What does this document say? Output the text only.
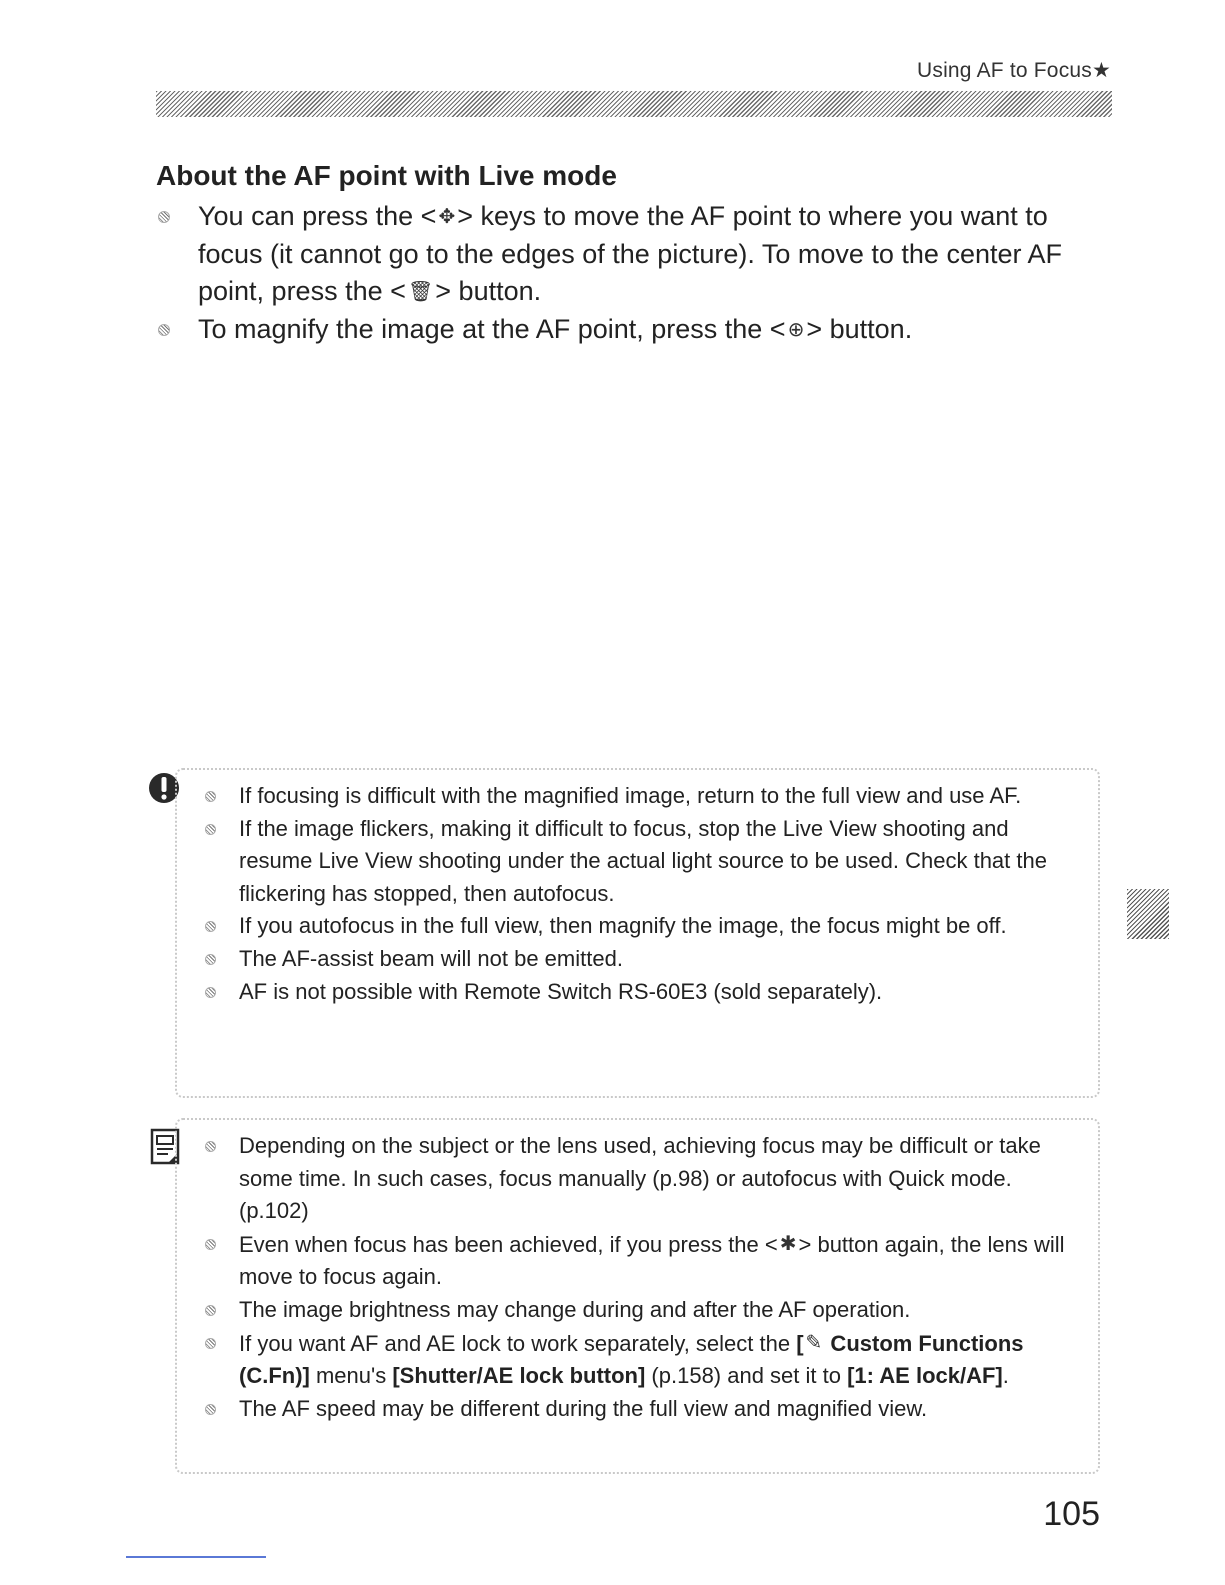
Using AF to Focus★
About the AF point with Live mode
You can press the < ✥> keys to move the AF point to where you want to focus (it cannot go to the edges of the picture). To move to the center AF point, press the < 🗑> button.
To magnify the image at the AF point, press the < ⊕> button.
If focusing is difficult with the magnified image, return to the full view and use AF.
If the image flickers, making it difficult to focus, stop the Live View shooting and resume Live View shooting under the actual light source to be used. Check that the flickering has stopped, then autofocus.
If you autofocus in the full view, then magnify the image, the focus might be off.
The AF-assist beam will not be emitted.
AF is not possible with Remote Switch RS-60E3 (sold separately).
Depending on the subject or the lens used, achieving focus may be difficult or take some time. In such cases, focus manually (p.98) or autofocus with Quick mode. (p.102)
Even when focus has been achieved, if you press the < ✱> button again, the lens will move to focus again.
The image brightness may change during and after the AF operation.
If you want AF and AE lock to work separately, select the [ ✎ Custom Functions (C.Fn)] menu's [Shutter/AE lock button] (p.158) and set it to [1: AE lock/AF].
The AF speed may be different during the full view and magnified view.
105
